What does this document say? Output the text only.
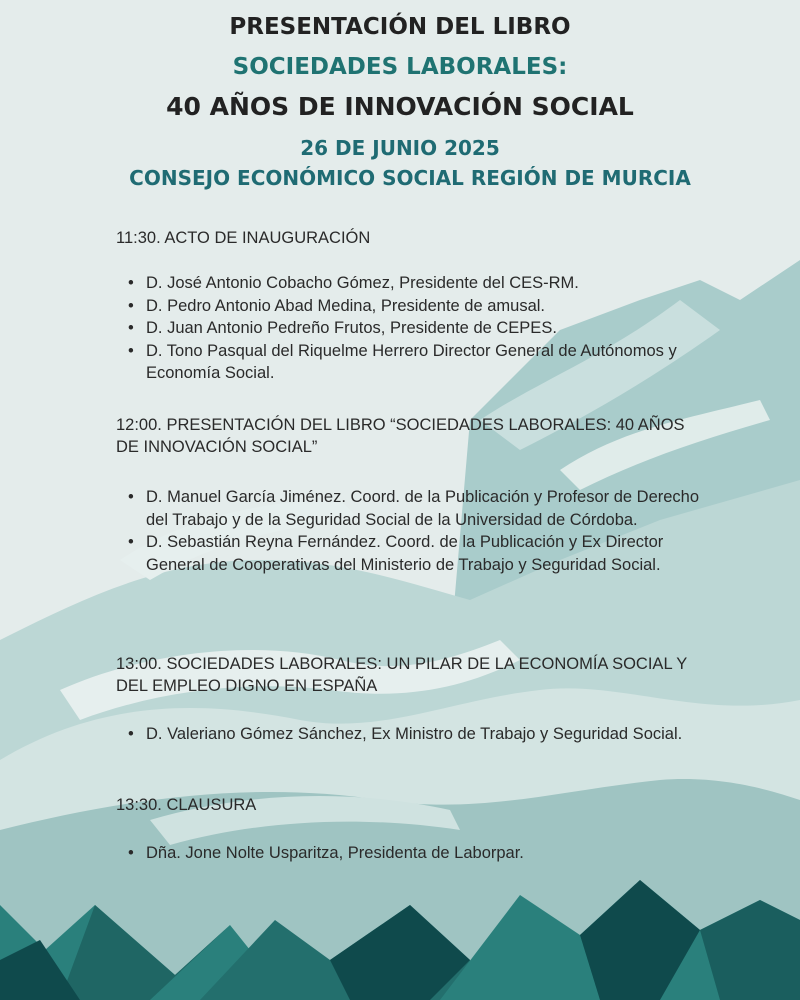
PRESENTACIÓN DEL LIBRO
SOCIEDADES LABORALES:
40 AÑOS DE INNOVACIÓN SOCIAL
26 DE JUNIO 2025
CONSEJO ECONÓMICO SOCIAL REGIÓN DE MURCIA
11:30. ACTO DE INAUGURACIÓN
• D. José Antonio Cobacho Gómez, Presidente del CES-RM.
• D. Pedro Antonio Abad Medina, Presidente de amusal.
• D. Juan Antonio Pedreño Frutos, Presidente de CEPES.
• D. Tono Pasqual del Riquelme Herrero Director General de Autónomos y Economía Social.
12:00. PRESENTACIÓN DEL LIBRO “SOCIEDADES LABORALES: 40 AÑOS DE INNOVACIÓN SOCIAL”
• D. Manuel García Jiménez. Coord. de la Publicación y Profesor de Derecho del Trabajo y de la Seguridad Social de la Universidad de Córdoba.
• D. Sebastián Reyna Fernández. Coord. de la Publicación y Ex Director General de Cooperativas del Ministerio de Trabajo y Seguridad Social.
13:00. SOCIEDADES LABORALES: UN PILAR DE LA ECONOMÍA SOCIAL Y DEL EMPLEO DIGNO EN ESPAÑA
• D. Valeriano Gómez Sánchez, Ex Ministro de Trabajo y Seguridad Social.
13:30. CLAUSURA
• Dña. Jone Nolte Usparitza, Presidenta de Laborpar.
